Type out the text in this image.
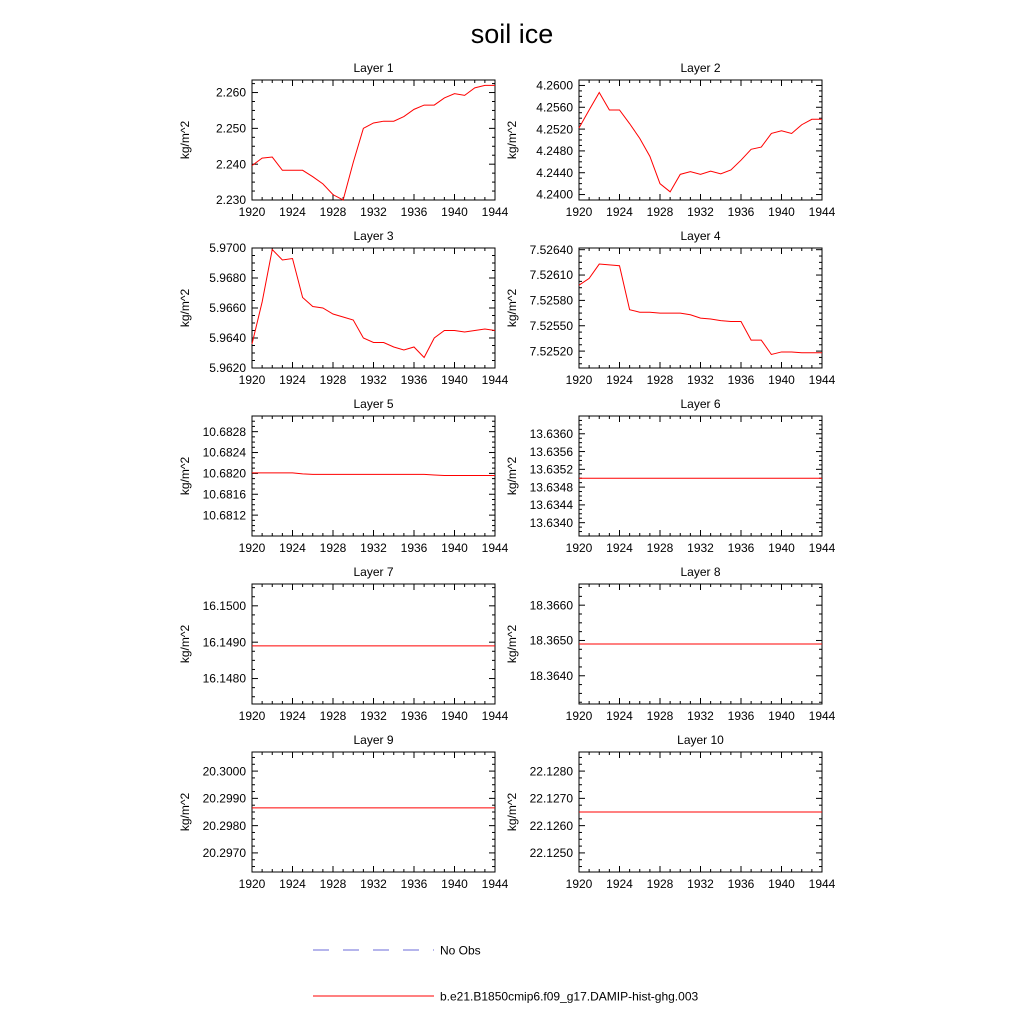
soil ice
Layer 1
kg/m^2
1920 1924 1928 1932 1936 1940 1944
2.230
2.240
2.250
2.260
Layer 2
kg/m^2
1920 1924 1928 1932 1936 1940 1944
4.2400
4.2440
4.2480
4.2520
4.2560
4.2600
Layer 3
kg/m^2
1920 1924 1928 1932 1936 1940 1944
5.9620
5.9640
5.9660
5.9680
5.9700
Layer 4
kg/m^2
1920 1924 1928 1932 1936 1940 1944
7.52520
7.52550
7.52580
7.52610
7.52640
Layer 5
kg/m^2
1920 1924 1928 1932 1936 1940 1944
10.6812
10.6816
10.6820
10.6824
10.6828
Layer 6
kg/m^2
1920 1924 1928 1932 1936 1940 1944
13.6340
13.6344
13.6348
13.6352
13.6356
13.6360
Layer 7
kg/m^2
1920 1924 1928 1932 1936 1940 1944
16.1480
16.1490
16.1500
Layer 8
kg/m^2
1920 1924 1928 1932 1936 1940 1944
18.3640
18.3650
18.3660
Layer 9
kg/m^2
1920 1924 1928 1932 1936 1940 1944
20.2970
20.2980
20.2990
20.3000
Layer 10
kg/m^2
1920 1924 1928 1932 1936 1940 1944
22.1250
22.1260
22.1270
22.1280
No Obs
b.e21.B1850cmip6.f09_g17.DAMIP-hist-ghg.003
